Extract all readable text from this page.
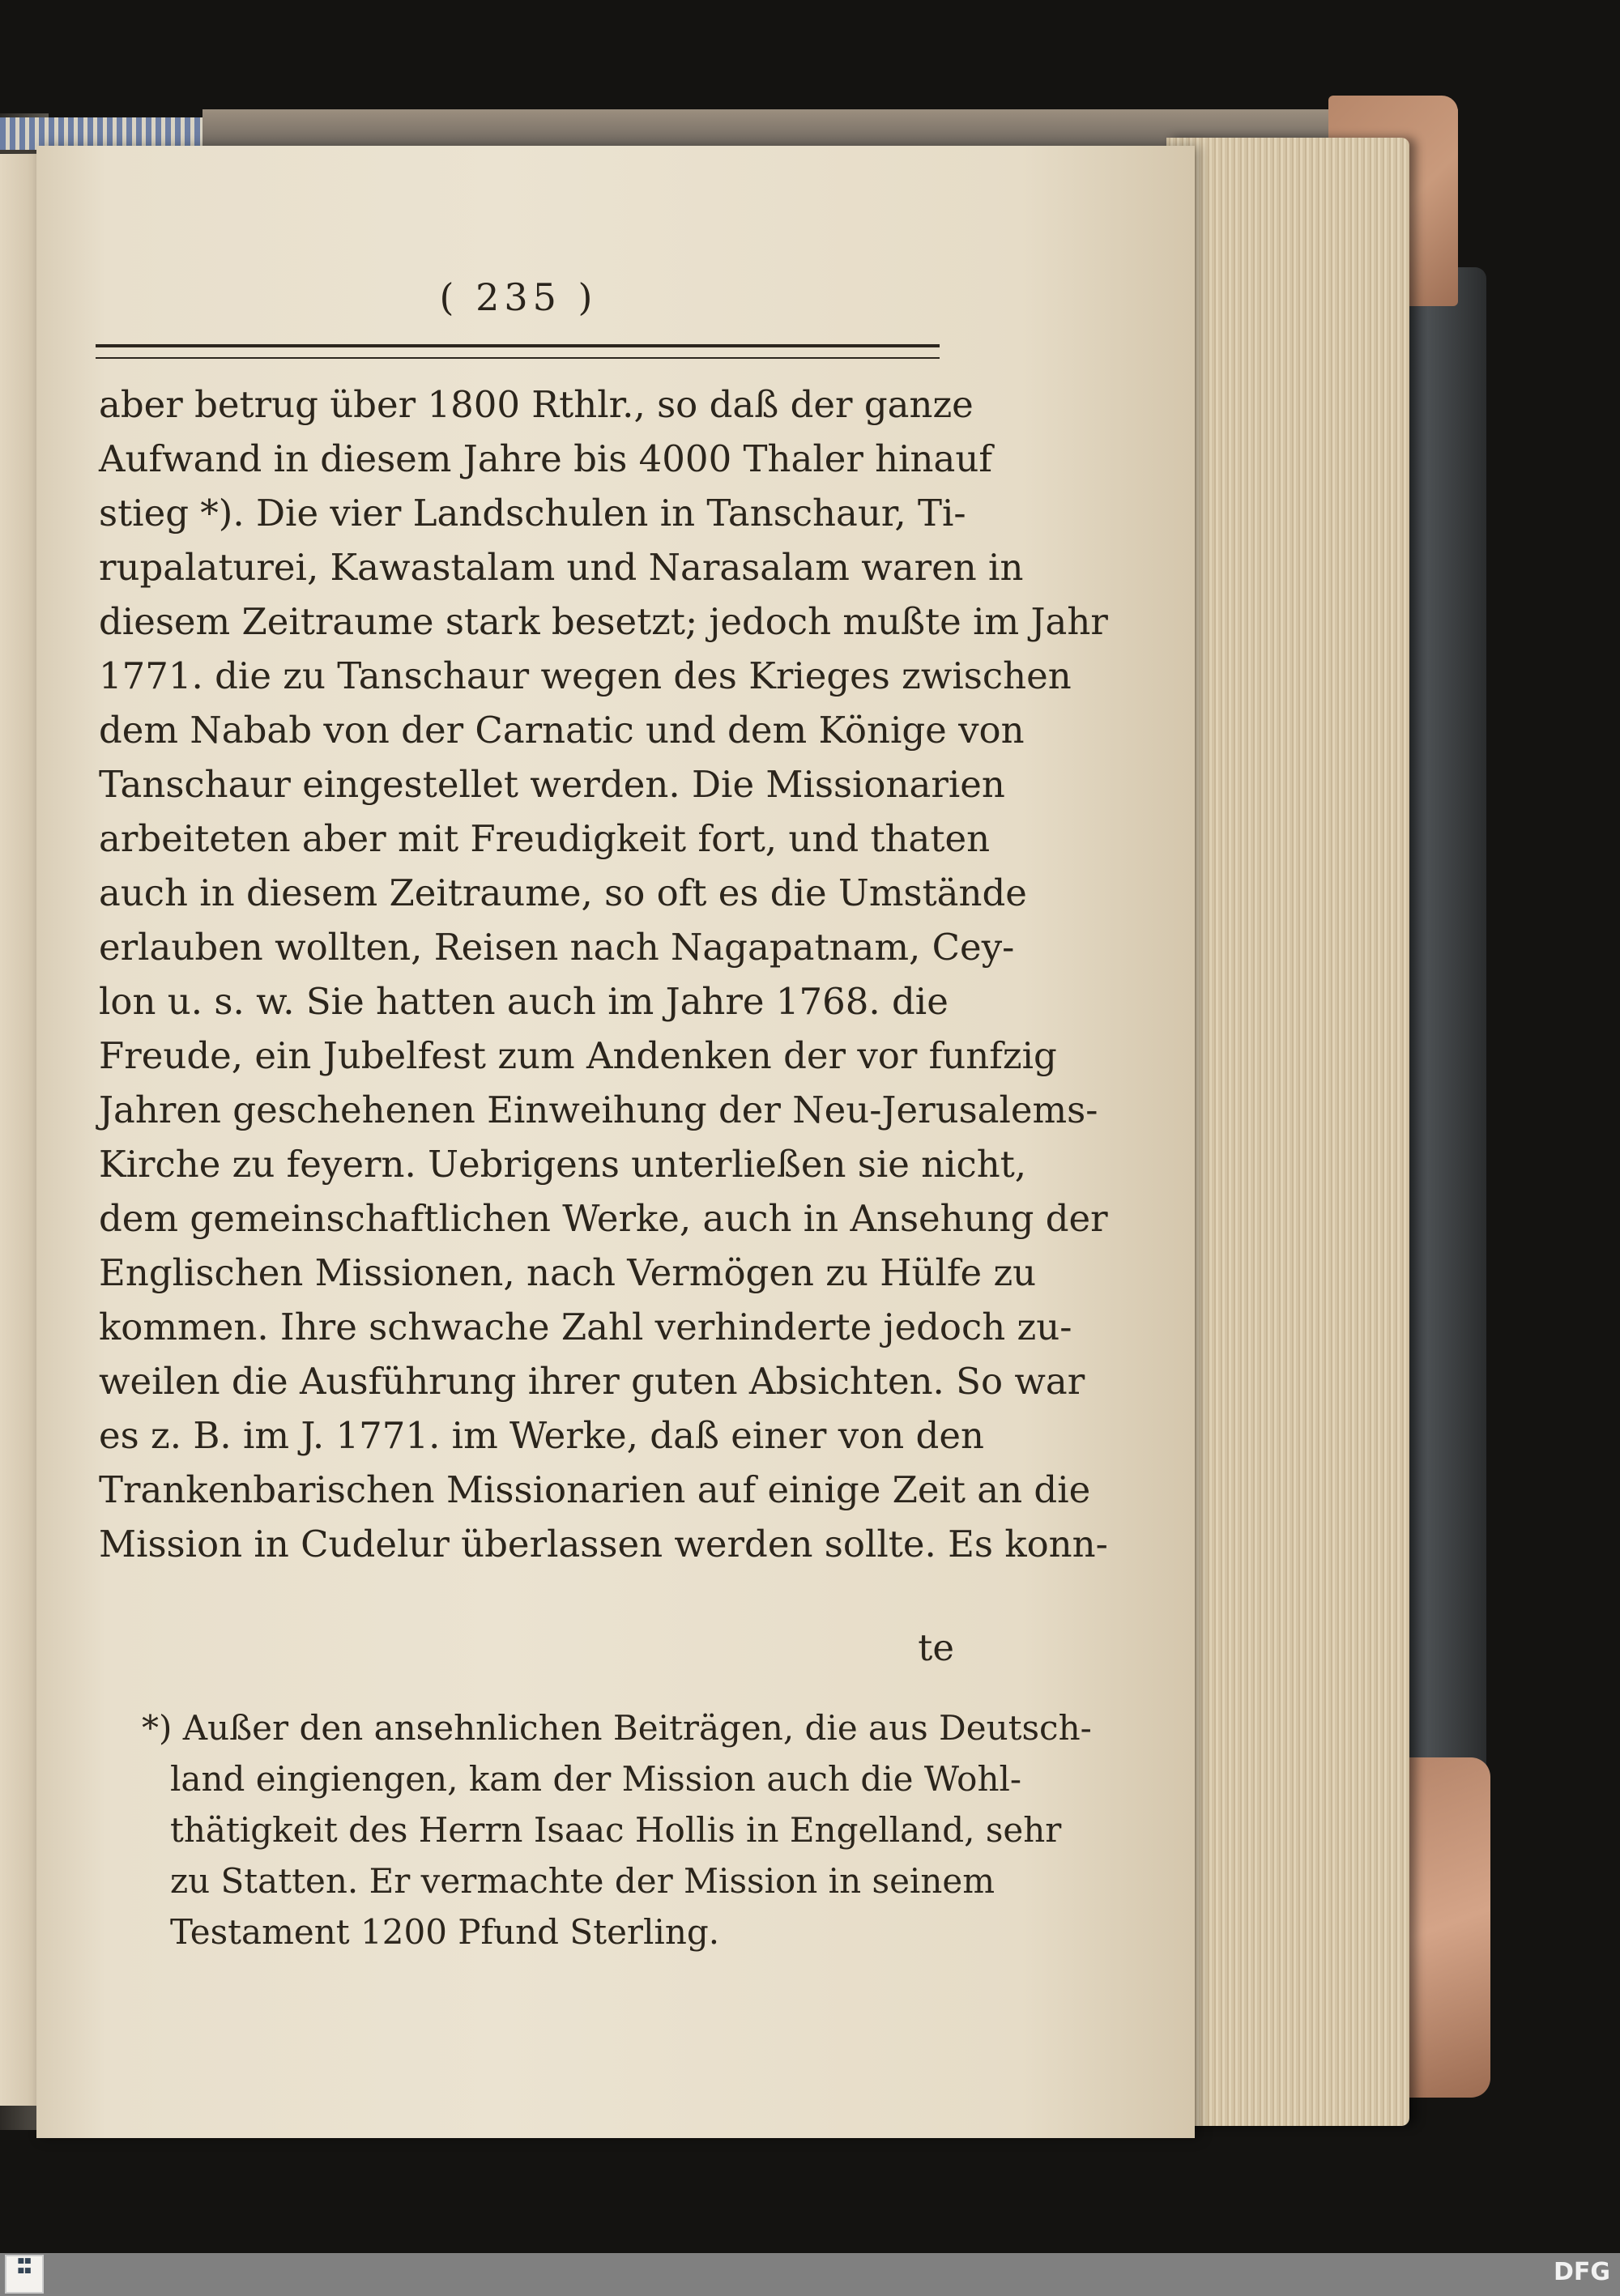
( 235 )
aber betrug über 1800 Rthlr., so daß der ganze
Aufwand in diesem Jahre bis 4000 Thaler hinauf
stieg *). Die vier Landschulen in Tanschaur, Ti-
rupalaturei, Kawastalam und Narasalam waren in
diesem Zeitraume stark besetzt; jedoch mußte im Jahr
1771. die zu Tanschaur wegen des Krieges zwischen
dem Nabab von der Carnatic und dem Könige von
Tanschaur eingestellet werden. Die Missionarien
arbeiteten aber mit Freudigkeit fort, und thaten
auch in diesem Zeitraume, so oft es die Umstände
erlauben wollten, Reisen nach Nagapatnam, Cey-
lon u. s. w. Sie hatten auch im Jahre 1768. die
Freude, ein Jubelfest zum Andenken der vor funfzig
Jahren geschehenen Einweihung der Neu-Jerusalems-
Kirche zu feyern. Uebrigens unterließen sie nicht,
dem gemeinschaftlichen Werke, auch in Ansehung der
Englischen Missionen, nach Vermögen zu Hülfe zu
kommen. Ihre schwache Zahl verhinderte jedoch zu-
weilen die Ausführung ihrer guten Absichten. So war
es z. B. im J. 1771. im Werke, daß einer von den
Trankenbarischen Missionarien auf einige Zeit an die
Mission in Cudelur überlassen werden sollte. Es konn-
te
*) Außer den ansehnlichen Beiträgen, die aus Deutsch-
land eingiengen, kam der Mission auch die Wohl-
thätigkeit des Herrn Isaac Hollis in Engelland, sehr
zu Statten. Er vermachte der Mission in seinem
Testament 1200 Pfund Sterling.
■■
■■	DFG
